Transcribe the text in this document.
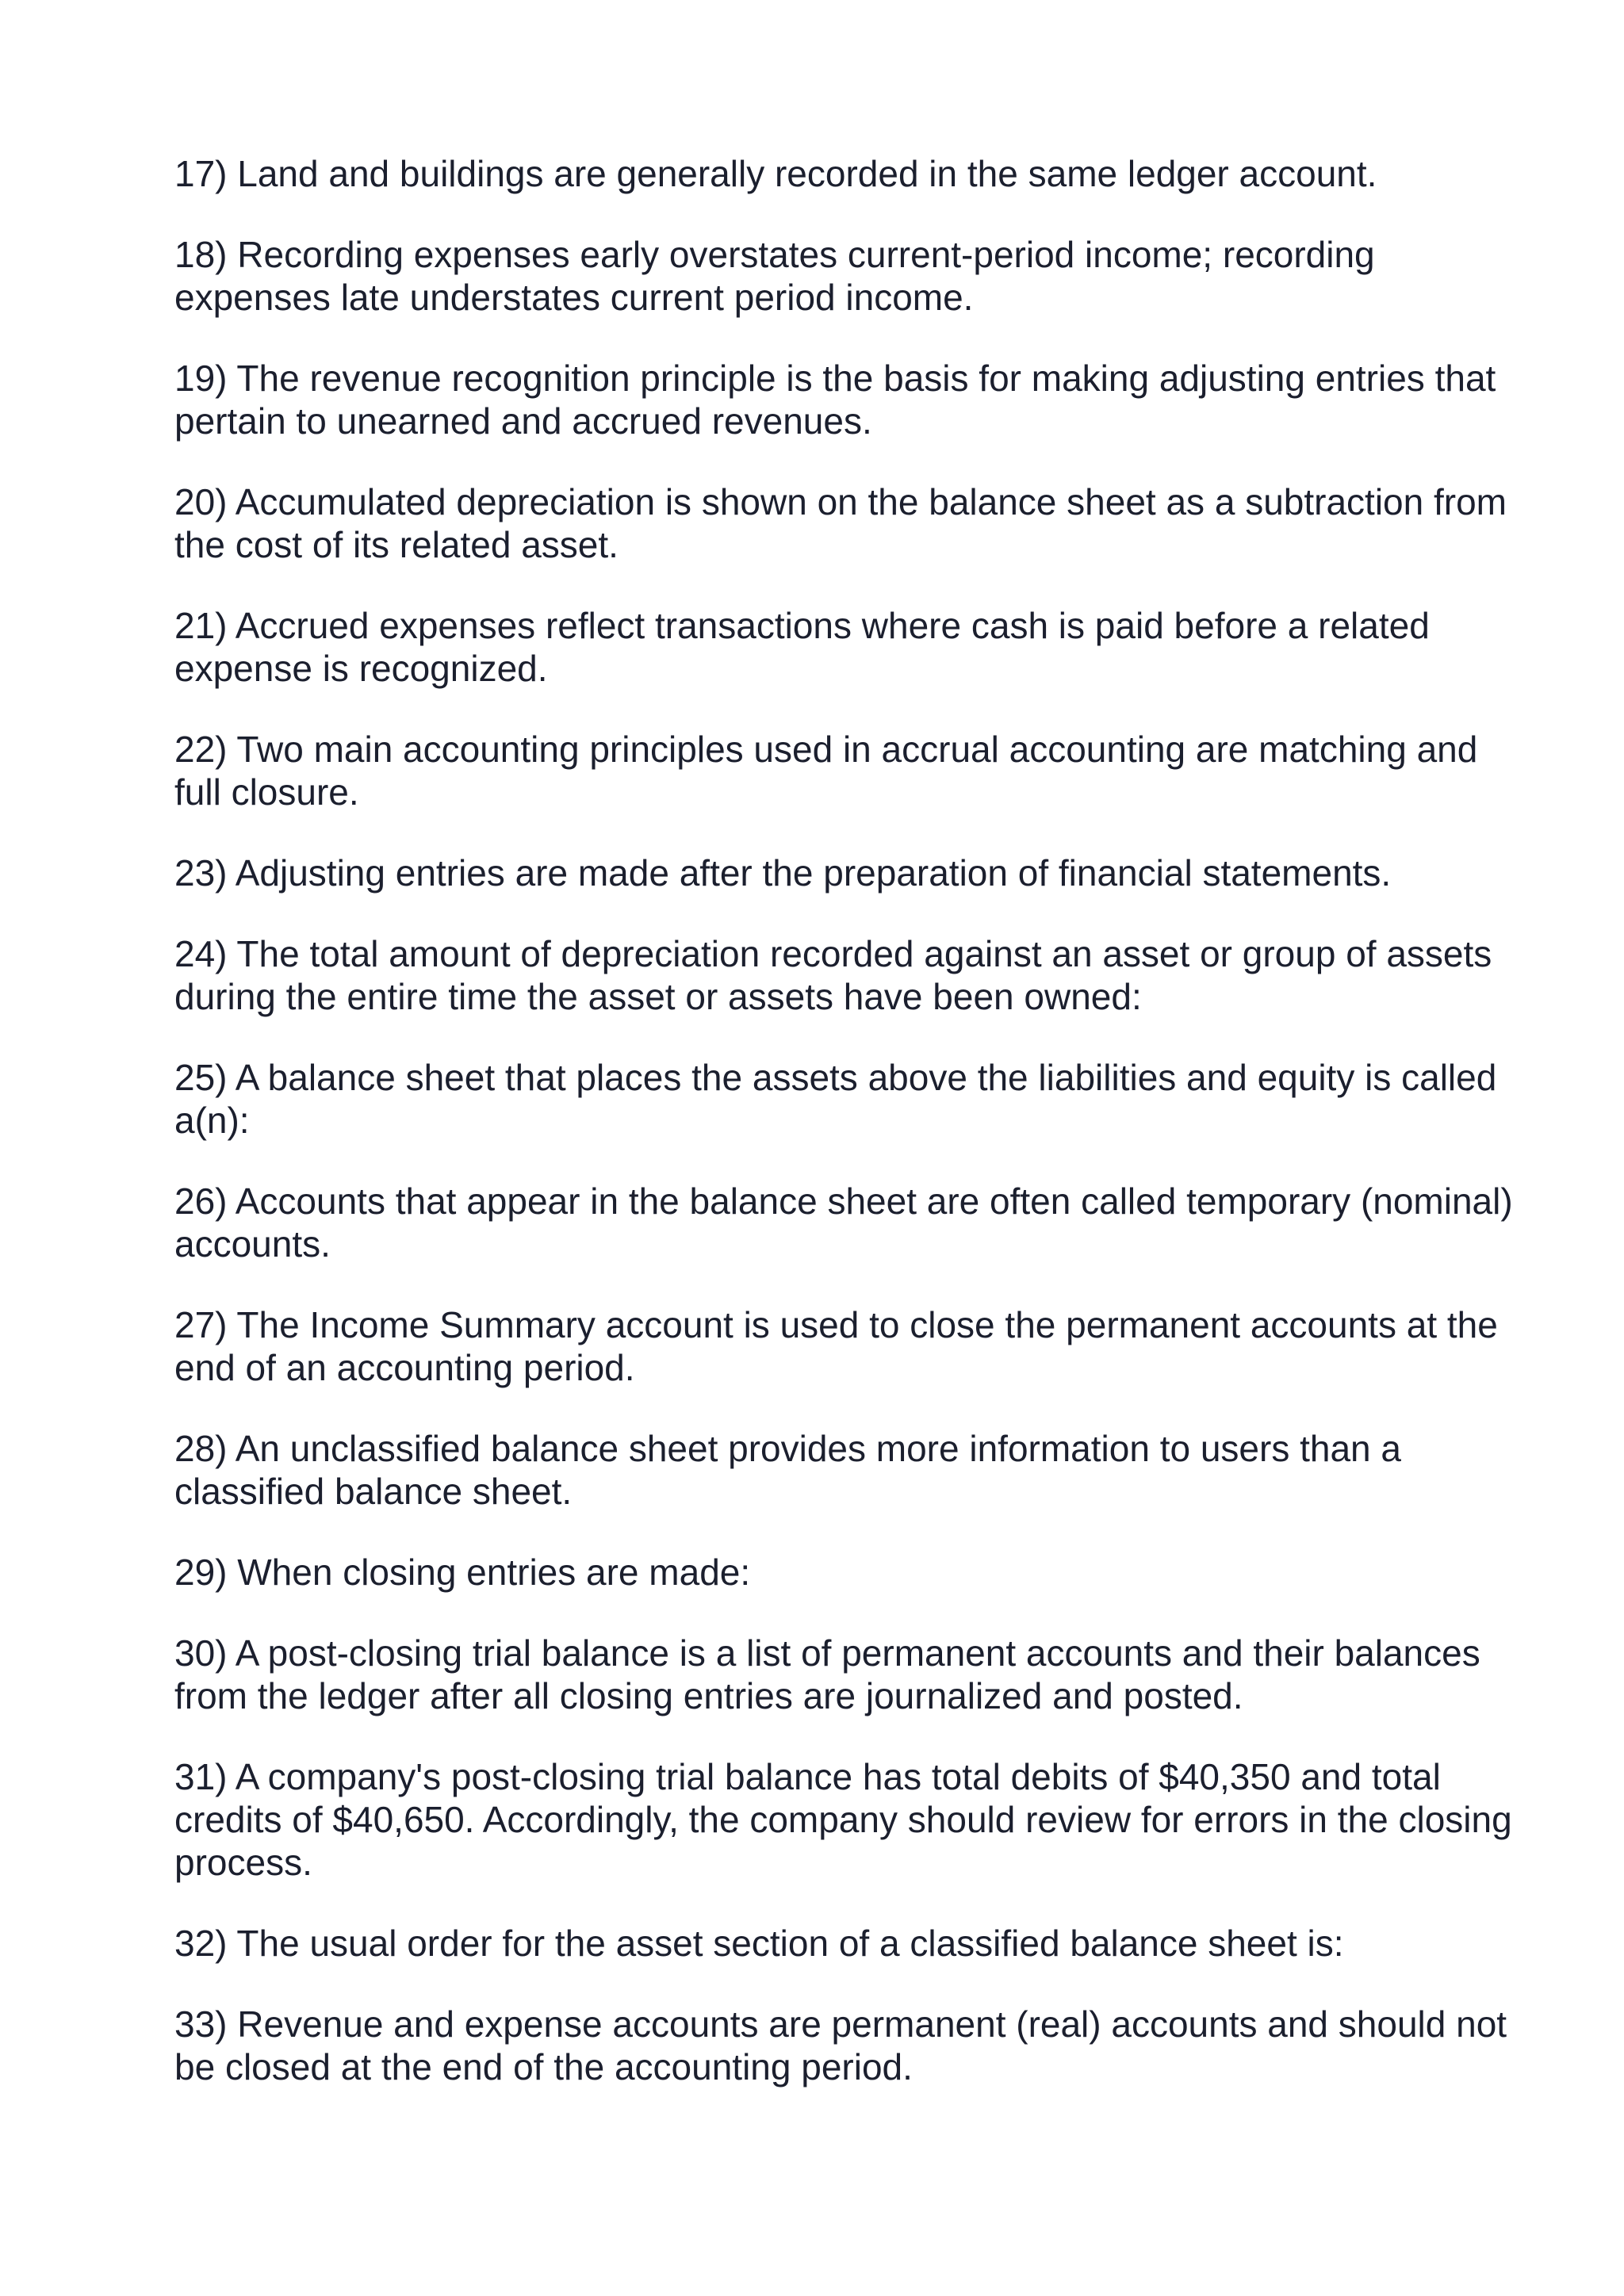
17) Land and buildings are generally recorded in the same ledger account.
18) Recording expenses early overstates current-period income; recording expenses late understates current period income.
19) The revenue recognition principle is the basis for making adjusting entries that pertain to unearned and accrued revenues.
20) Accumulated depreciation is shown on the balance sheet as a subtraction from the cost of its related asset.
21) Accrued expenses reflect transactions where cash is paid before a related expense is recognized.
22) Two main accounting principles used in accrual accounting are matching and full closure.
23) Adjusting entries are made after the preparation of financial statements.
24) The total amount of depreciation recorded against an asset or group of assets during the entire time the asset or assets have been owned:
25) A balance sheet that places the assets above the liabilities and equity is called a(n):
26) Accounts that appear in the balance sheet are often called temporary (nominal) accounts.
27) The Income Summary account is used to close the permanent accounts at the end of an accounting period.
28) An unclassified balance sheet provides more information to users than a classified balance sheet.
29) When closing entries are made:
30) A post-closing trial balance is a list of permanent accounts and their balances from the ledger after all closing entries are journalized and posted.
31) A company's post-closing trial balance has total debits of $40,350 and total credits of $40,650. Accordingly, the company should review for errors in the closing process.
32) The usual order for the asset section of a classified balance sheet is:
33) Revenue and expense accounts are permanent (real) accounts and should not be closed at the end of the accounting period.
